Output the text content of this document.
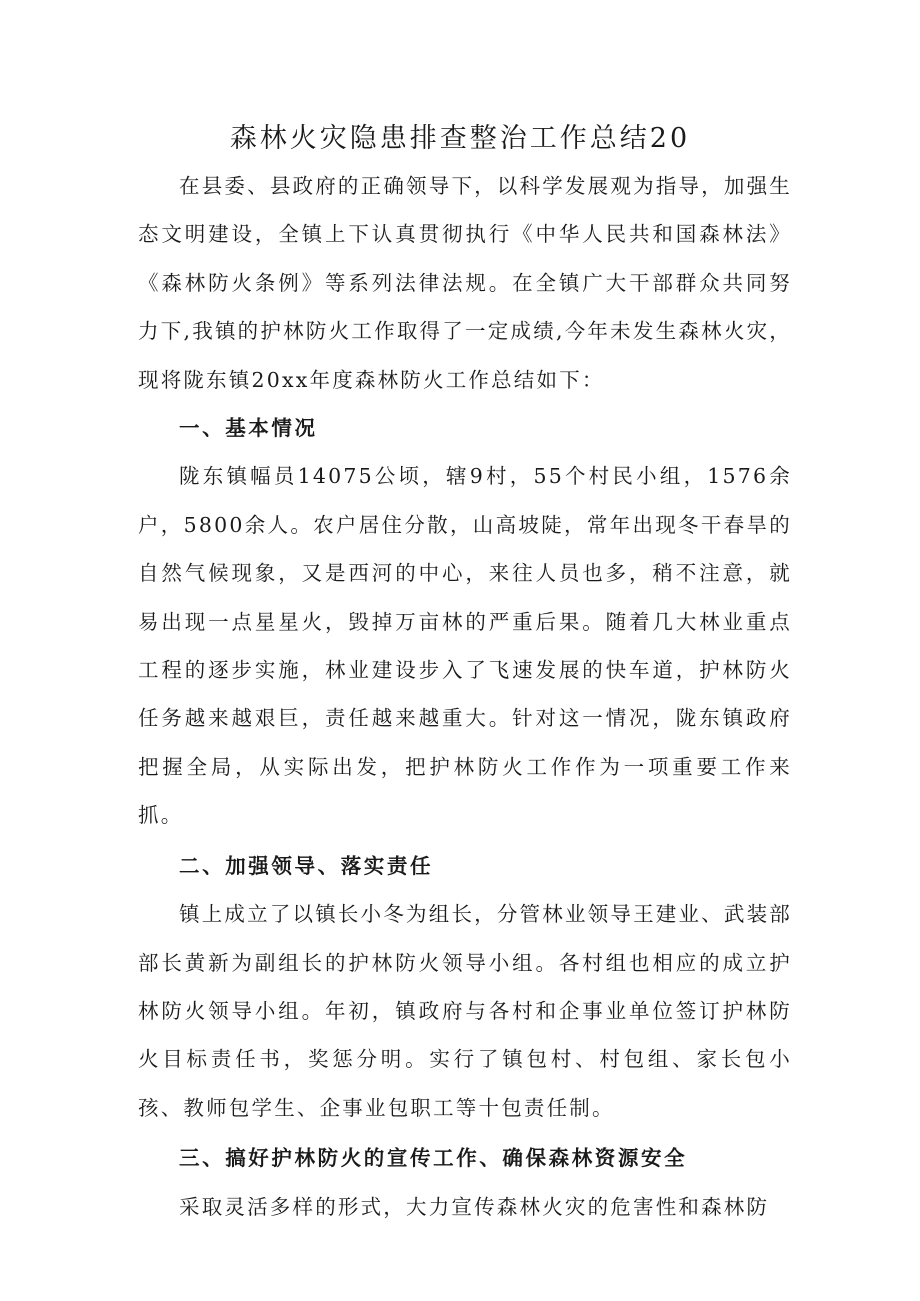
森林火灾隐患排查整治工作总结20

在县委、县政府的正确领导下，以科学发展观为指导，加强生态文明建设，全镇上下认真贯彻执行《中华人民共和国森林法》《森林防火条例》等系列法律法规。在全镇广大干部群众共同努力下,我镇的护林防火工作取得了一定成绩,今年未发生森林火灾，现将陇东镇20xx年度森林防火工作总结如下：

一、基本情况

陇东镇幅员14075公顷，辖9村，55个村民小组，1576余户，5800余人。农户居住分散，山高坡陡，常年出现冬干春旱的自然气候现象，又是西河的中心，来往人员也多，稍不注意，就易出现一点星星火，毁掉万亩林的严重后果。随着几大林业重点工程的逐步实施，林业建设步入了飞速发展的快车道，护林防火任务越来越艰巨，责任越来越重大。针对这一情况，陇东镇政府把握全局，从实际出发，把护林防火工作作为一项重要工作来抓。

二、加强领导、落实责任

镇上成立了以镇长小冬为组长，分管林业领导王建业、武装部部长黄新为副组长的护林防火领导小组。各村组也相应的成立护林防火领导小组。年初，镇政府与各村和企事业单位签订护林防火目标责任书，奖惩分明。实行了镇包村、村包组、家长包小孩、教师包学生、企事业包职工等十包责任制。

三、搞好护林防火的宣传工作、确保森林资源安全

采取灵活多样的形式，大力宣传森林火灾的危害性和森林防
